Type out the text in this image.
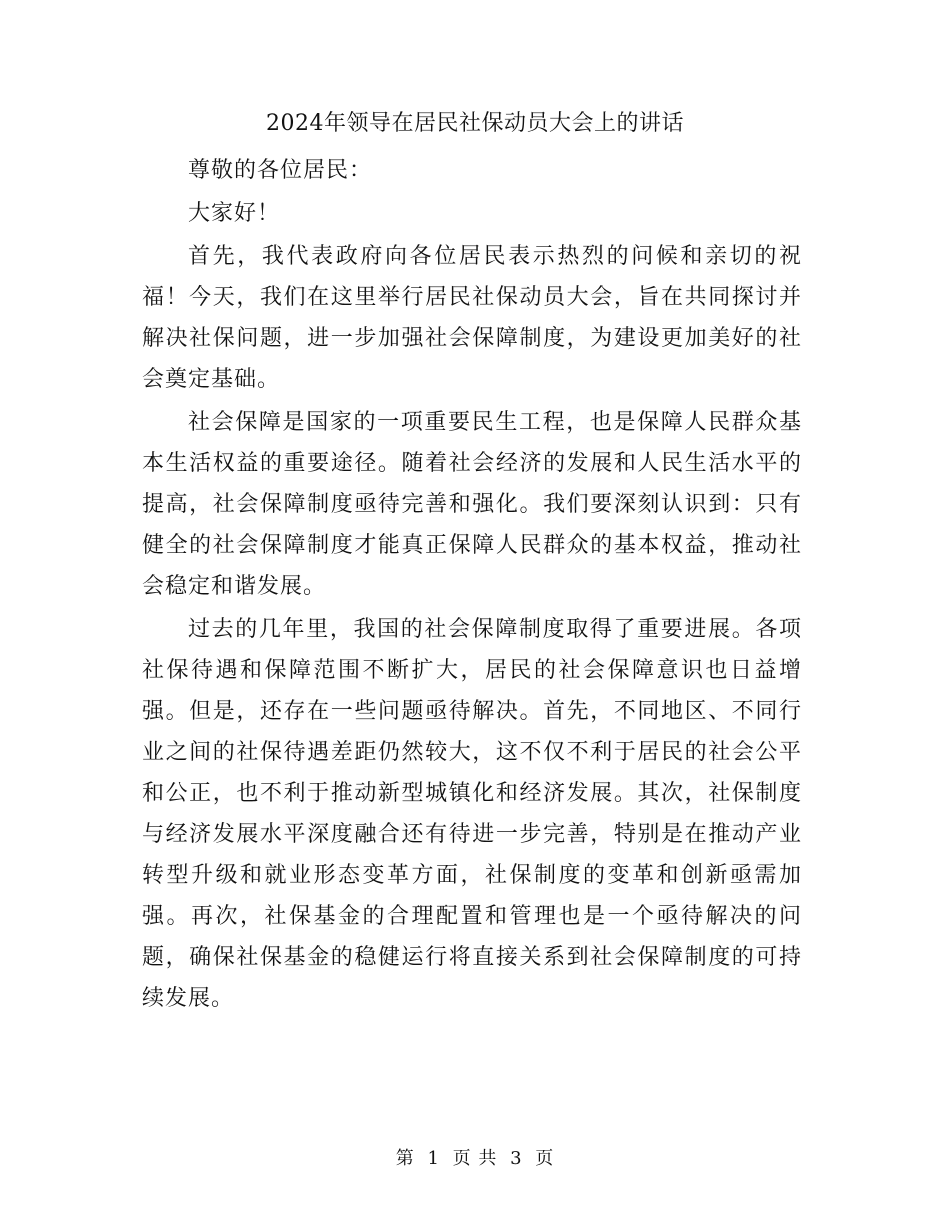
2024年领导在居民社保动员大会上的讲话

尊敬的各位居民：

大家好！

首先，我代表政府向各位居民表示热烈的问候和亲切的祝福！今天，我们在这里举行居民社保动员大会，旨在共同探讨并解决社保问题，进一步加强社会保障制度，为建设更加美好的社会奠定基础。

社会保障是国家的一项重要民生工程，也是保障人民群众基本生活权益的重要途径。随着社会经济的发展和人民生活水平的提高，社会保障制度亟待完善和强化。我们要深刻认识到：只有健全的社会保障制度才能真正保障人民群众的基本权益，推动社会稳定和谐发展。

过去的几年里，我国的社会保障制度取得了重要进展。各项社保待遇和保障范围不断扩大，居民的社会保障意识也日益增强。但是，还存在一些问题亟待解决。首先，不同地区、不同行业之间的社保待遇差距仍然较大，这不仅不利于居民的社会公平和公正，也不利于推动新型城镇化和经济发展。其次，社保制度与经济发展水平深度融合还有待进一步完善，特别是在推动产业转型升级和就业形态变革方面，社保制度的变革和创新亟需加强。再次，社保基金的合理配置和管理也是一个亟待解决的问题，确保社保基金的稳健运行将直接关系到社会保障制度的可持续发展。

第 1 页 共 3 页
